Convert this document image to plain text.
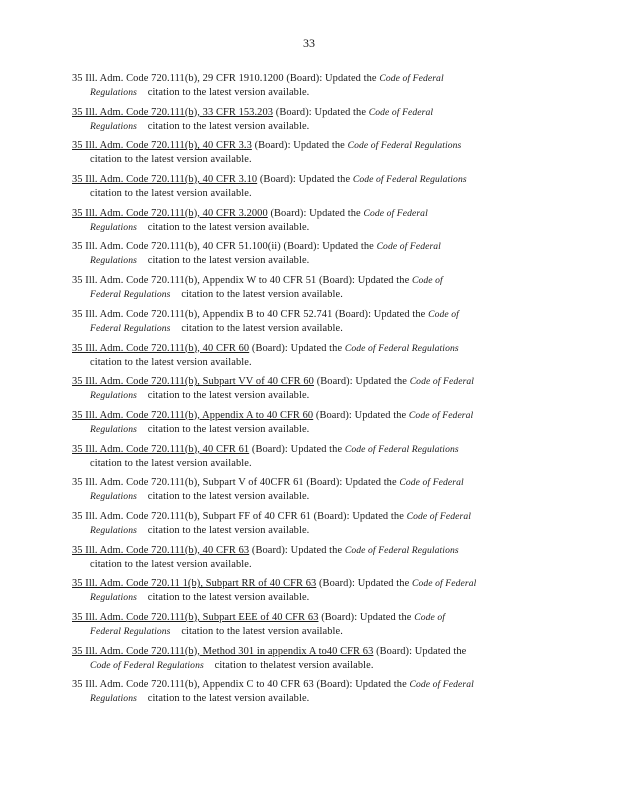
33
35 Ill. Adm. Code 720.111(b), 29 CFR 1910.1200 (Board): Updated the Code of Federal
Regulations citation to the latest version available.
35 Ill. Adm. Code 720.111(b), 33 CFR 153.203 (Board): Updated the Code of Federal
Regulations citation to the latest version available.
35 Ill. Adm. Code 720.111(b), 40 CFR 3.3 (Board): Updated the Code of Federal Regulations
citation to the latest version available.
35 Ill. Adm. Code 720.111(b), 40 CFR 3.10 (Board): Updated the Code of Federal Regulations
citation to the latest version available.
35 Ill. Adm. Code 720.111(b), 40 CFR 3.2000 (Board): Updated the Code of Federal
Regulations citation to the latest version available.
35 Ill. Adm. Code 720.111(b), 40 CFR 51.100(ii) (Board): Updated the Code of Federal
Regulations citation to the latest version available.
35 Ill. Adm. Code 720.111(b), Appendix W to 40 CFR 51 (Board): Updated the Code of
Federal Regulations citation to the latest version available.
35 Ill. Adm. Code 720.111(b), Appendix B to 40 CFR 52.741 (Board): Updated the Code of
Federal Regulations citation to the latest version available.
35 Ill. Adm. Code 720.111(b), 40 CFR 60 (Board): Updated the Code of Federal Regulations
citation to the latest version available.
35 Ill. Adm. Code 720.111(b), Subpart VV of 40 CFR 60 (Board): Updated the Code of Federal
Regulations citation to the latest version available.
35 Ill. Adm. Code 720.111(b), Appendix A to 40 CFR 60 (Board): Updated the Code of Federal
Regulations citation to the latest version available.
35 Ill. Adm. Code 720.111(b), 40 CFR 61 (Board): Updated the Code of Federal Regulations
citation to the latest version available.
35 Ill. Adm. Code 720.111(b), Subpart V of 40CFR 61 (Board): Updated the Code of Federal
Regulations citation to the latest version available.
35 Ill. Adm. Code 720.111(b), Subpart FF of 40 CFR 61 (Board): Updated the Code of Federal
Regulations citation to the latest version available.
35 Ill. Adm. Code 720.111(b), 40 CFR 63 (Board): Updated the Code of Federal Regulations
citation to the latest version available.
35 Ill. Adm. Code 720.11 1(b), Subpart RR of 40 CFR 63 (Board): Updated the Code of Federal
Regulations citation to the latest version available.
35 Ill. Adm. Code 720.111(b), Subpart EEE of 40 CFR 63 (Board): Updated the Code of
Federal Regulations citation to the latest version available.
35 Ill. Adm. Code 720.111(b), Method 301 in appendix A to40 CFR 63 (Board): Updated the
Code of Federal Regulations citation to thelatest version available.
35 Ill. Adm. Code 720.111(b), Appendix C to 40 CFR 63 (Board): Updated the Code of Federal
Regulations citation to the latest version available.
